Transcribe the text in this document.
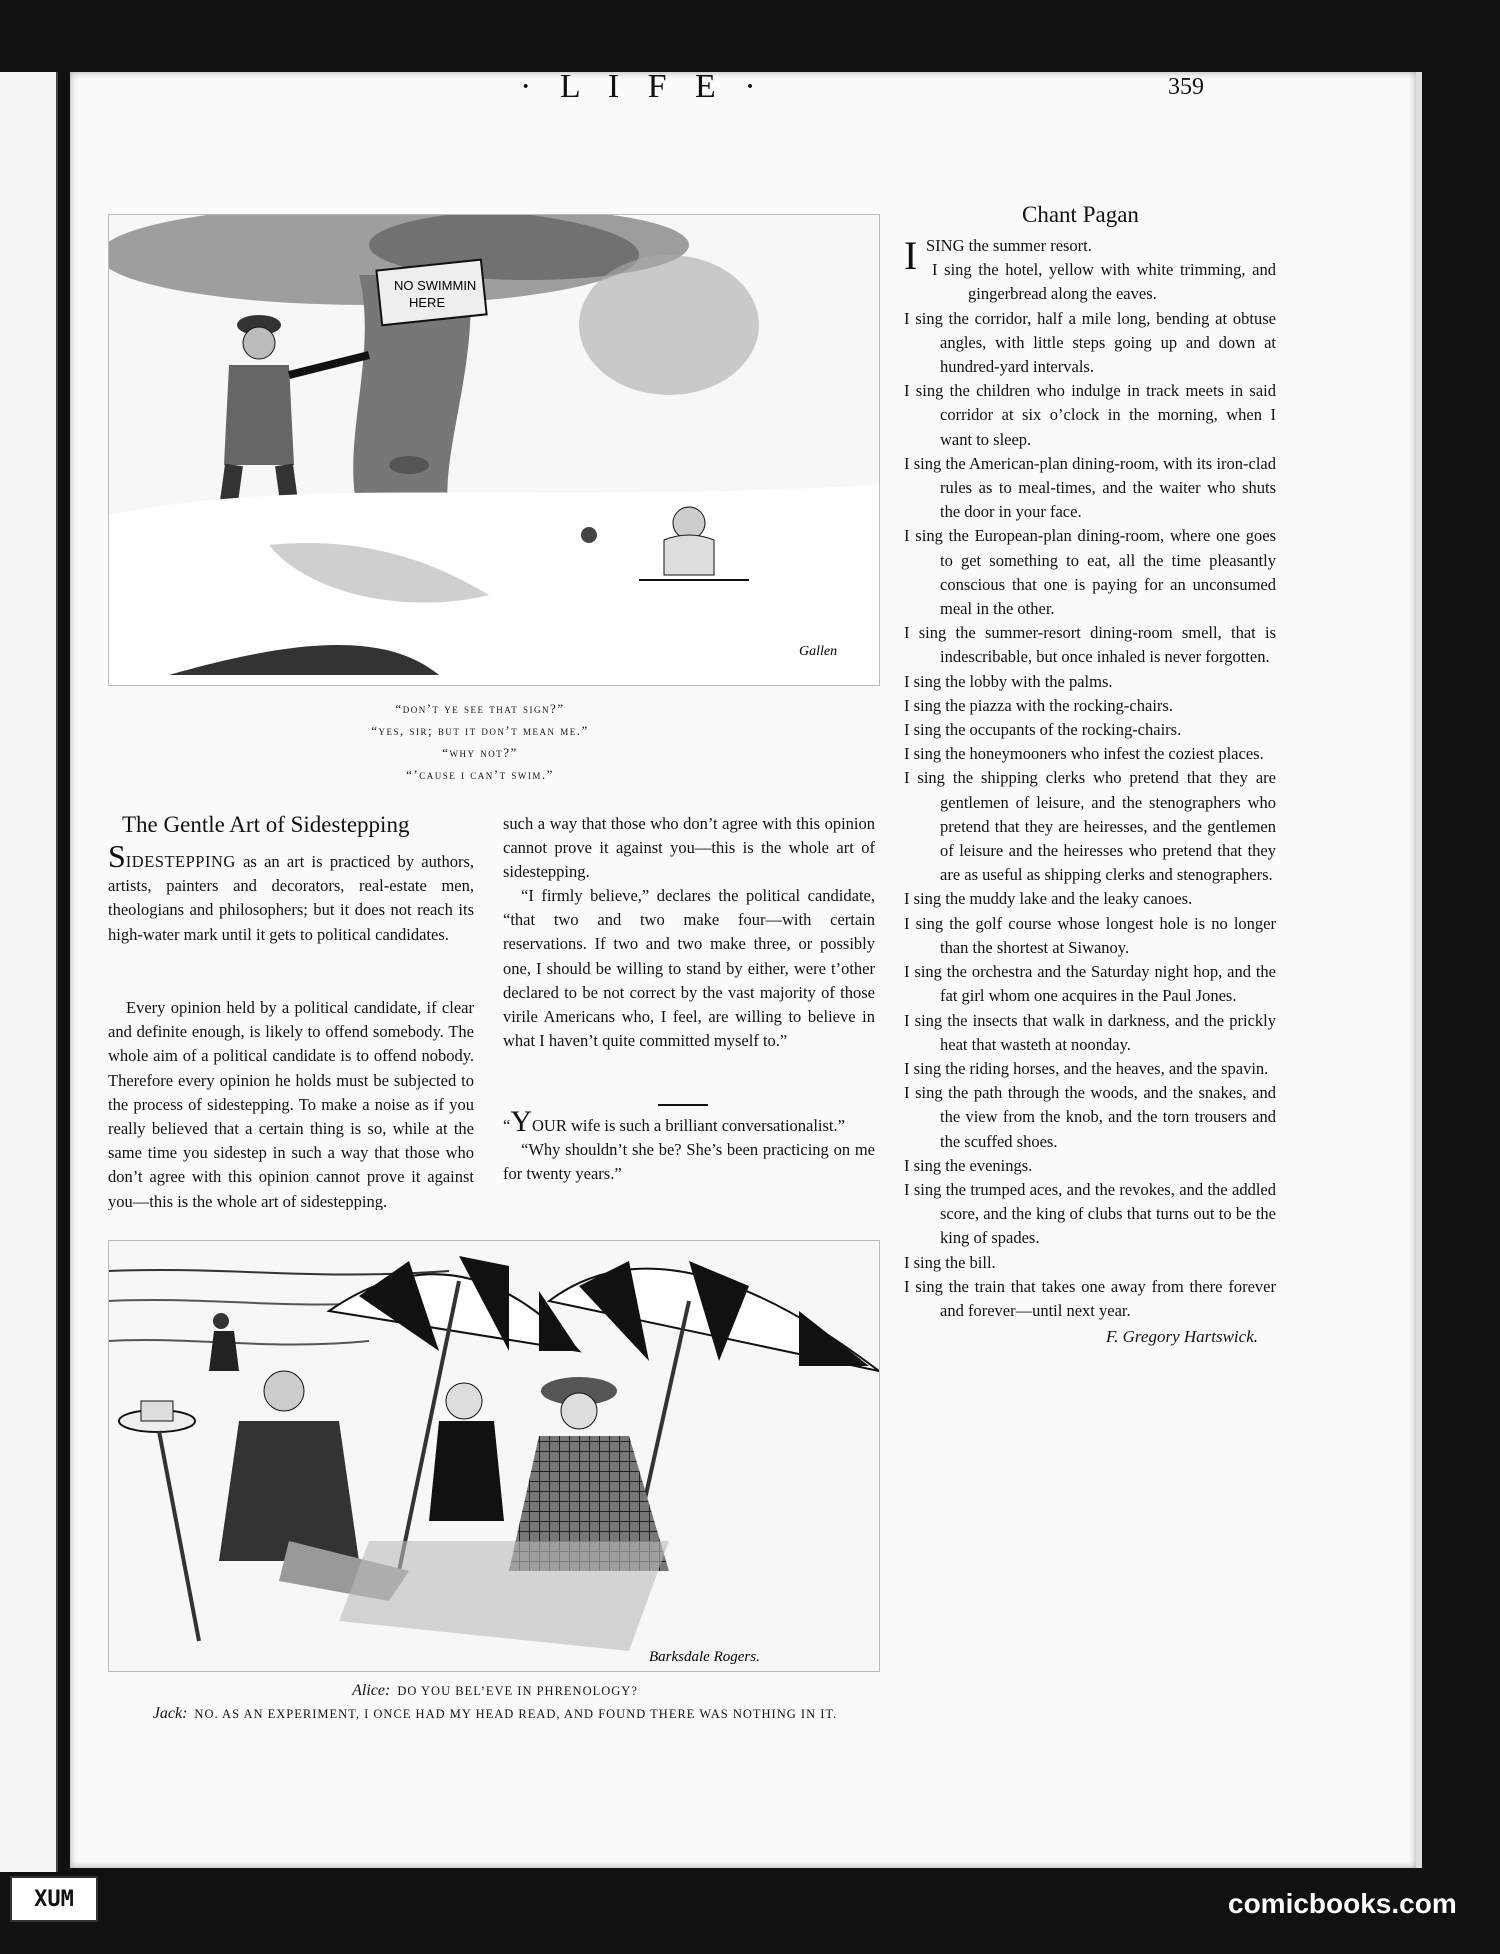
· L I F E ·	359
NO SWIMMIN
HERE
Gallen
“don’t ye see that sign?”
“yes, sir; but it don’t mean me.”
“why not?”
“’cause i can’t swim.”
The Gentle Art of Sidestepping

SIDESTEPPING as an art is practiced by authors, artists, painters and decorators, real-estate men, theologians and philosophers; but it does not reach its high-water mark until it gets to political candidates.

Every opinion held by a political candidate, if clear and definite enough, is likely to offend somebody. The whole aim of a political candidate is to offend nobody. Therefore every opinion he holds must be subjected to the process of sidestepping. To make a noise as if you really believed that a certain thing is so, while at the same time you sidestep in such a way that those who don’t agree with this opinion cannot prove it against you—this is the whole art of sidestepping.
such a way that those who don’t agree with this opinion cannot prove it against you—this is the whole art of sidestepping.
“I firmly believe,” declares the political candidate, “that two and two make four—with certain reservations. If two and two make three, or possibly one, I should be willing to stand by either, were t’other declared to be not correct by the vast majority of those virile Americans who, I feel, are willing to believe in what I haven’t quite committed myself to.”

“YOUR wife is such a brilliant conversationalist.”

“Why shouldn’t she be? She’s been practicing on me for twenty years.”

Barksdale Rogers.
Alice: DO YOU BEL’EVE IN PHRENOLOGY?
Jack: NO. AS AN EXPERIMENT, I ONCE HAD MY HEAD READ, AND FOUND THERE WAS NOTHING IN IT.
Chant Pagan
I SING the summer resort.
I sing the hotel, yellow with white trimming, and gingerbread along the eaves.
I sing the corridor, half a mile long, bending at obtuse angles, with little steps going up and down at hundred-yard intervals.
I sing the children who indulge in track meets in said corridor at six o’clock in the morning, when I want to sleep.
I sing the American-plan dining-room, with its iron-clad rules as to meal-times, and the waiter who shuts the door in your face.
I sing the European-plan dining-room, where one goes to get something to eat, all the time pleasantly conscious that one is paying for an unconsumed meal in the other.
I sing the summer-resort dining-room smell, that is indescribable, but once inhaled is never forgotten.
I sing the lobby with the palms.
I sing the piazza with the rocking-chairs.
I sing the occupants of the rocking-chairs.
I sing the honeymooners who infest the coziest places.
I sing the shipping clerks who pretend that they are gentlemen of leisure, and the stenographers who pretend that they are heiresses, and the gentlemen of leisure and the heiresses who pretend that they are as useful as shipping clerks and stenographers.
I sing the muddy lake and the leaky canoes.
I sing the golf course whose longest hole is no longer than the shortest at Siwanoy.
I sing the orchestra and the Saturday night hop, and the fat girl whom one acquires in the Paul Jones.
I sing the insects that walk in darkness, and the prickly heat that wasteth at noonday.
I sing the riding horses, and the heaves, and the spavin.
I sing the path through the woods, and the snakes, and the view from the knob, and the torn trousers and the scuffed shoes.
I sing the evenings.
I sing the trumped aces, and the revokes, and the addled score, and the king of clubs that turns out to be the king of spades.
I sing the bill.
I sing the train that takes one away from there forever and forever—until next year.
F. Gregory Hartswick.
XUM	comicbooks.com
